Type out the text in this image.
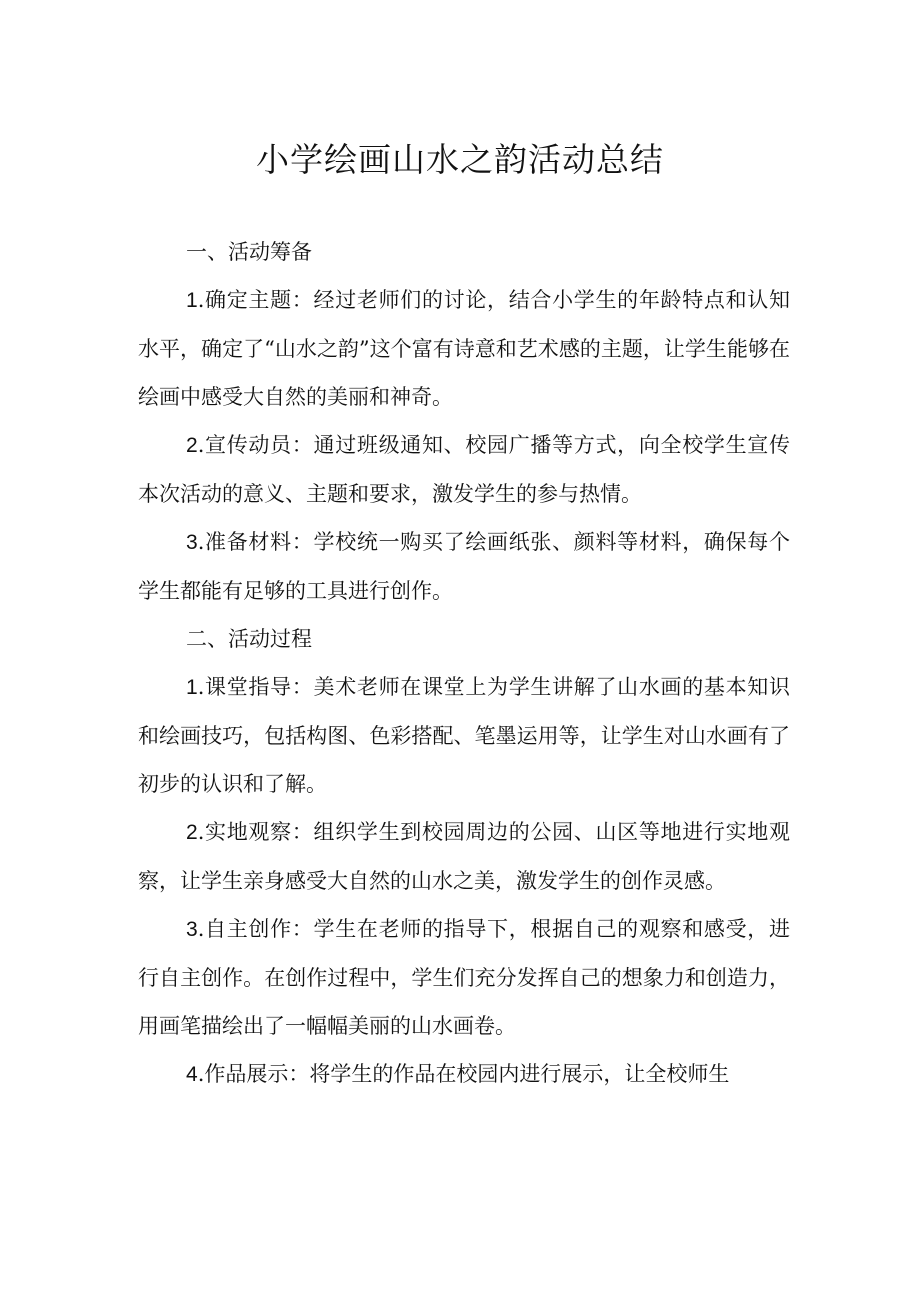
小学绘画山水之韵活动总结

一、活动筹备

1.确定主题：经过老师们的讨论，结合小学生的年龄特点和认知水平，确定了“山水之韵”这个富有诗意和艺术感的主题，让学生能够在绘画中感受大自然的美丽和神奇。

2.宣传动员：通过班级通知、校园广播等方式，向全校学生宣传本次活动的意义、主题和要求，激发学生的参与热情。

3.准备材料：学校统一购买了绘画纸张、颜料等材料，确保每个学生都能有足够的工具进行创作。

二、活动过程

1.课堂指导：美术老师在课堂上为学生讲解了山水画的基本知识和绘画技巧，包括构图、色彩搭配、笔墨运用等，让学生对山水画有了初步的认识和了解。

2.实地观察：组织学生到校园周边的公园、山区等地进行实地观察，让学生亲身感受大自然的山水之美，激发学生的创作灵感。

3.自主创作：学生在老师的指导下，根据自己的观察和感受，进行自主创作。在创作过程中，学生们充分发挥自己的想象力和创造力，用画笔描绘出了一幅幅美丽的山水画卷。

4.作品展示：将学生的作品在校园内进行展示，让全校师生
